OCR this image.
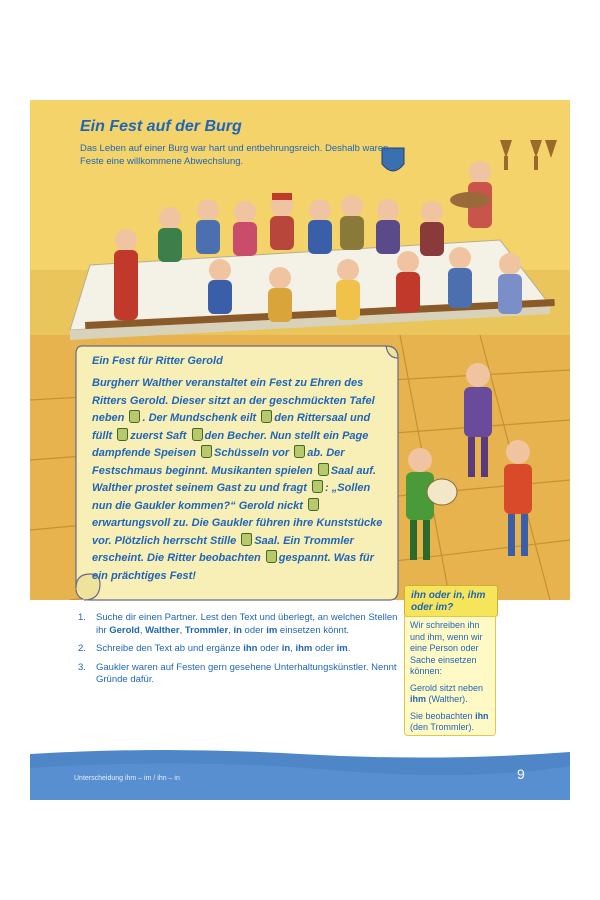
Ein Fest auf der Burg
Das Leben auf einer Burg war hart und entbehrungsreich. Deshalb waren Feste eine willkommene Abwechslung.
Ein Fest für Ritter Gerold
Burgherr Walther veranstaltet ein Fest zu Ehren des Ritters Gerold. Dieser sitzt an der geschmückten Tafel neben . Der Mundschenk eilt den Rittersaal und füllt zuerst Saft den Becher. Nun stellt ein Page dampfende Speisen Schüsseln vor ab. Der Festschmaus beginnt. Musikanten spielen Saal auf. Walther prostet seinem Gast zu und fragt : „Sollen nun die Gaukler kommen?“ Gerold nickt erwartungsvoll zu. Die Gaukler führen ihre Kunststücke vor. Plötzlich herrscht Stille Saal. Ein Trommler erscheint. Die Ritter beobachten gespannt. Was für ein prächtiges Fest!
1.	Suche dir einen Partner. Lest den Text und überlegt, an welchen Stellen ihr Gerold, Walther, Trommler, in oder im einsetzen könnt.
2.	Schreibe den Text ab und ergänze ihn oder in, ihm oder im.
3.	Gaukler waren auf Festen gern gesehene Unterhaltungskünstler. Nennt Gründe dafür.
ihn oder in, ihm oder im?

Wir schreiben ihn und ihm, wenn wir eine Person oder Sache einsetzen können:

Gerold sitzt neben ihm (Walther).

Sie beobachten ihn (den Trommler).

Unterscheidung ihm – im / ihn – in	9
